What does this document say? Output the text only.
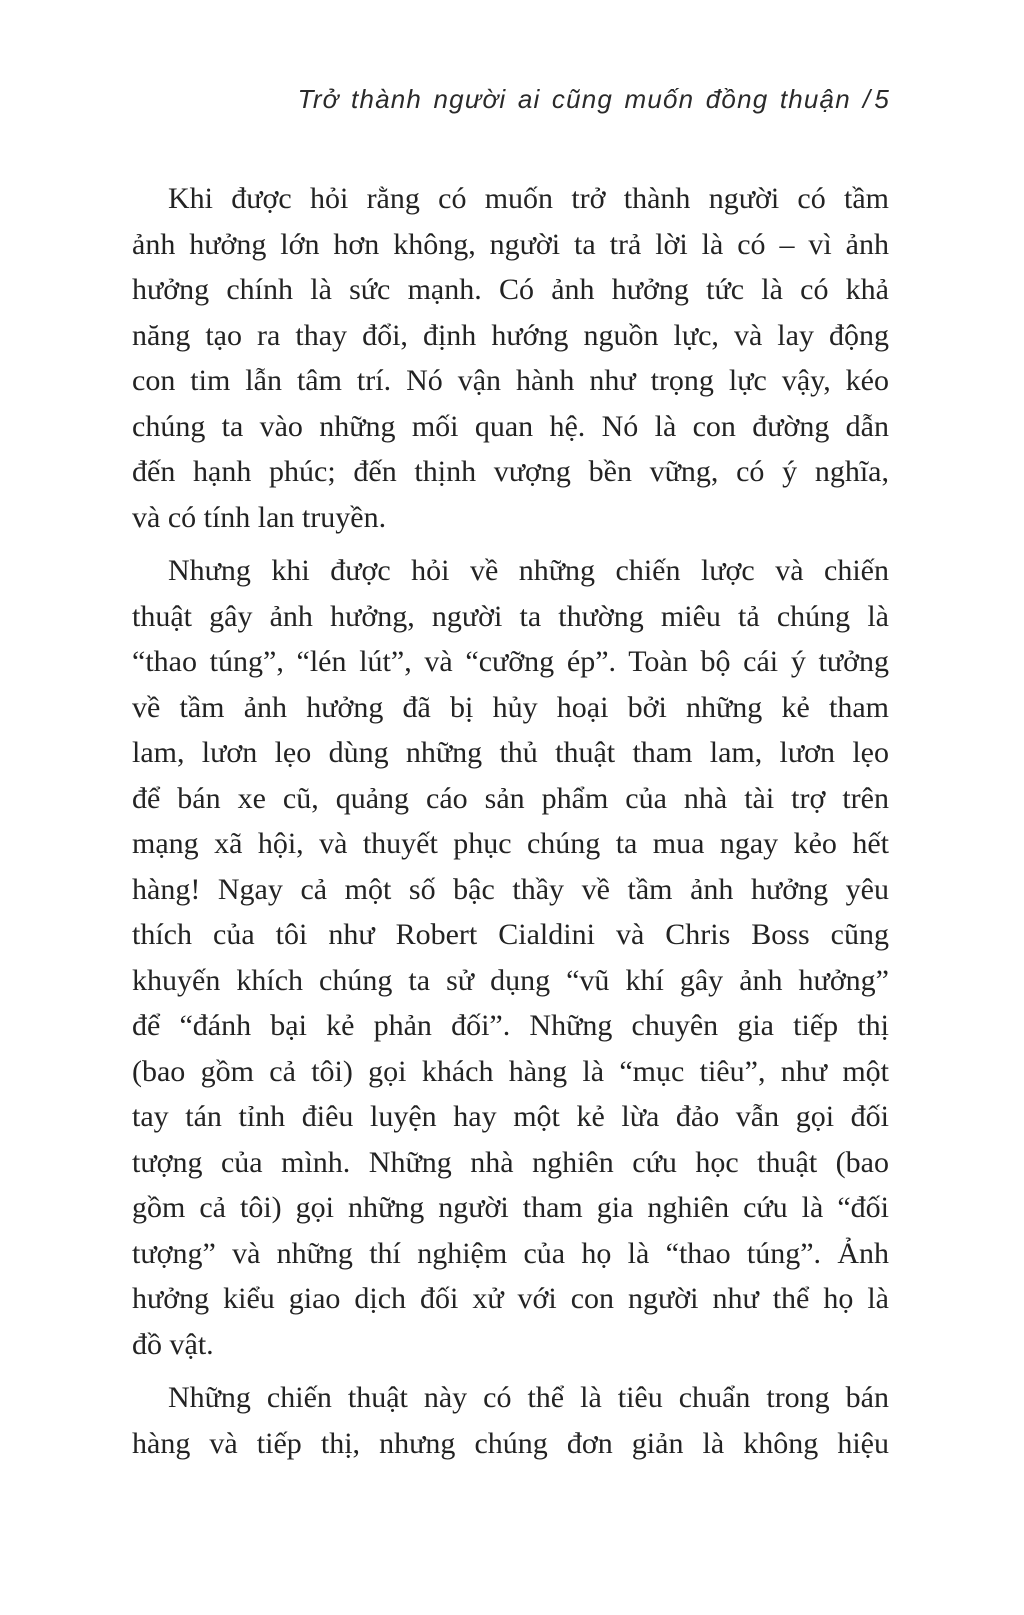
Trở thành người ai cũng muốn đồng thuận / 5
Khi được hỏi rằng có muốn trở thành người có tầm
ảnh hưởng lớn hơn không, người ta trả lời là có – vì ảnh
hưởng chính là sức mạnh. Có ảnh hưởng tức là có khả
năng tạo ra thay đổi, định hướng nguồn lực, và lay động
con tim lẫn tâm trí. Nó vận hành như trọng lực vậy, kéo
chúng ta vào những mối quan hệ. Nó là con đường dẫn
đến hạnh phúc; đến thịnh vượng bền vững, có ý nghĩa,
và có tính lan truyền.
Nhưng khi được hỏi về những chiến lược và chiến
thuật gây ảnh hưởng, người ta thường miêu tả chúng là
“thao túng”, “lén lút”, và “cưỡng ép”. Toàn bộ cái ý tưởng
về tầm ảnh hưởng đã bị hủy hoại bởi những kẻ tham
lam, lươn lẹo dùng những thủ thuật tham lam, lươn lẹo
để bán xe cũ, quảng cáo sản phẩm của nhà tài trợ trên
mạng xã hội, và thuyết phục chúng ta mua ngay kẻo hết
hàng! Ngay cả một số bậc thầy về tầm ảnh hưởng yêu
thích của tôi như Robert Cialdini và Chris Boss cũng
khuyến khích chúng ta sử dụng “vũ khí gây ảnh hưởng”
để “đánh bại kẻ phản đối”. Những chuyên gia tiếp thị
(bao gồm cả tôi) gọi khách hàng là “mục tiêu”, như một
tay tán tỉnh điêu luyện hay một kẻ lừa đảo vẫn gọi đối
tượng của mình. Những nhà nghiên cứu học thuật (bao
gồm cả tôi) gọi những người tham gia nghiên cứu là “đối
tượng” và những thí nghiệm của họ là “thao túng”. Ảnh
hưởng kiểu giao dịch đối xử với con người như thể họ là
đồ vật.
Những chiến thuật này có thể là tiêu chuẩn trong bán
hàng và tiếp thị, nhưng chúng đơn giản là không hiệu
